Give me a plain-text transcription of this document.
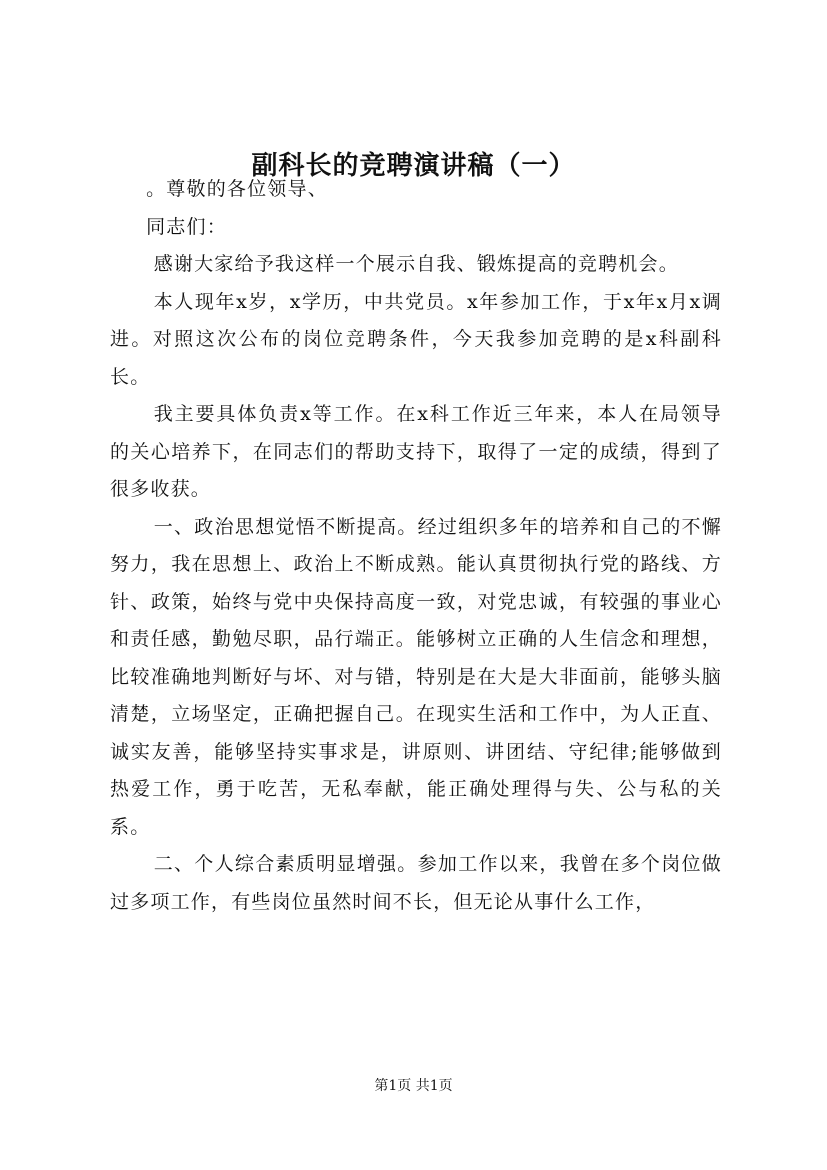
副科长的竞聘演讲稿（一）

。尊敬的各位领导、

同志们：

感谢大家给予我这样一个展示自我、锻炼提高的竞聘机会。

本人现年x岁，x学历，中共党员。x年参加工作，于x年x月x调进。对照这次公布的岗位竞聘条件，今天我参加竞聘的是x科副科长。

我主要具体负责x等工作。在x科工作近三年来，本人在局领导的关心培养下，在同志们的帮助支持下，取得了一定的成绩，得到了很多收获。

一、政治思想觉悟不断提高。经过组织多年的培养和自己的不懈努力，我在思想上、政治上不断成熟。能认真贯彻执行党的路线、方针、政策，始终与党中央保持高度一致，对党忠诚，有较强的事业心和责任感，勤勉尽职，品行端正。能够树立正确的人生信念和理想，比较准确地判断好与坏、对与错，特别是在大是大非面前，能够头脑清楚，立场坚定，正确把握自己。在现实生活和工作中，为人正直、诚实友善，能够坚持实事求是，讲原则、讲团结、守纪律;能够做到热爱工作，勇于吃苦，无私奉献，能正确处理得与失、公与私的关系。

二、个人综合素质明显增强。参加工作以来，我曾在多个岗位做过多项工作，有些岗位虽然时间不长，但无论从事什么工作，

第1页 共1页
